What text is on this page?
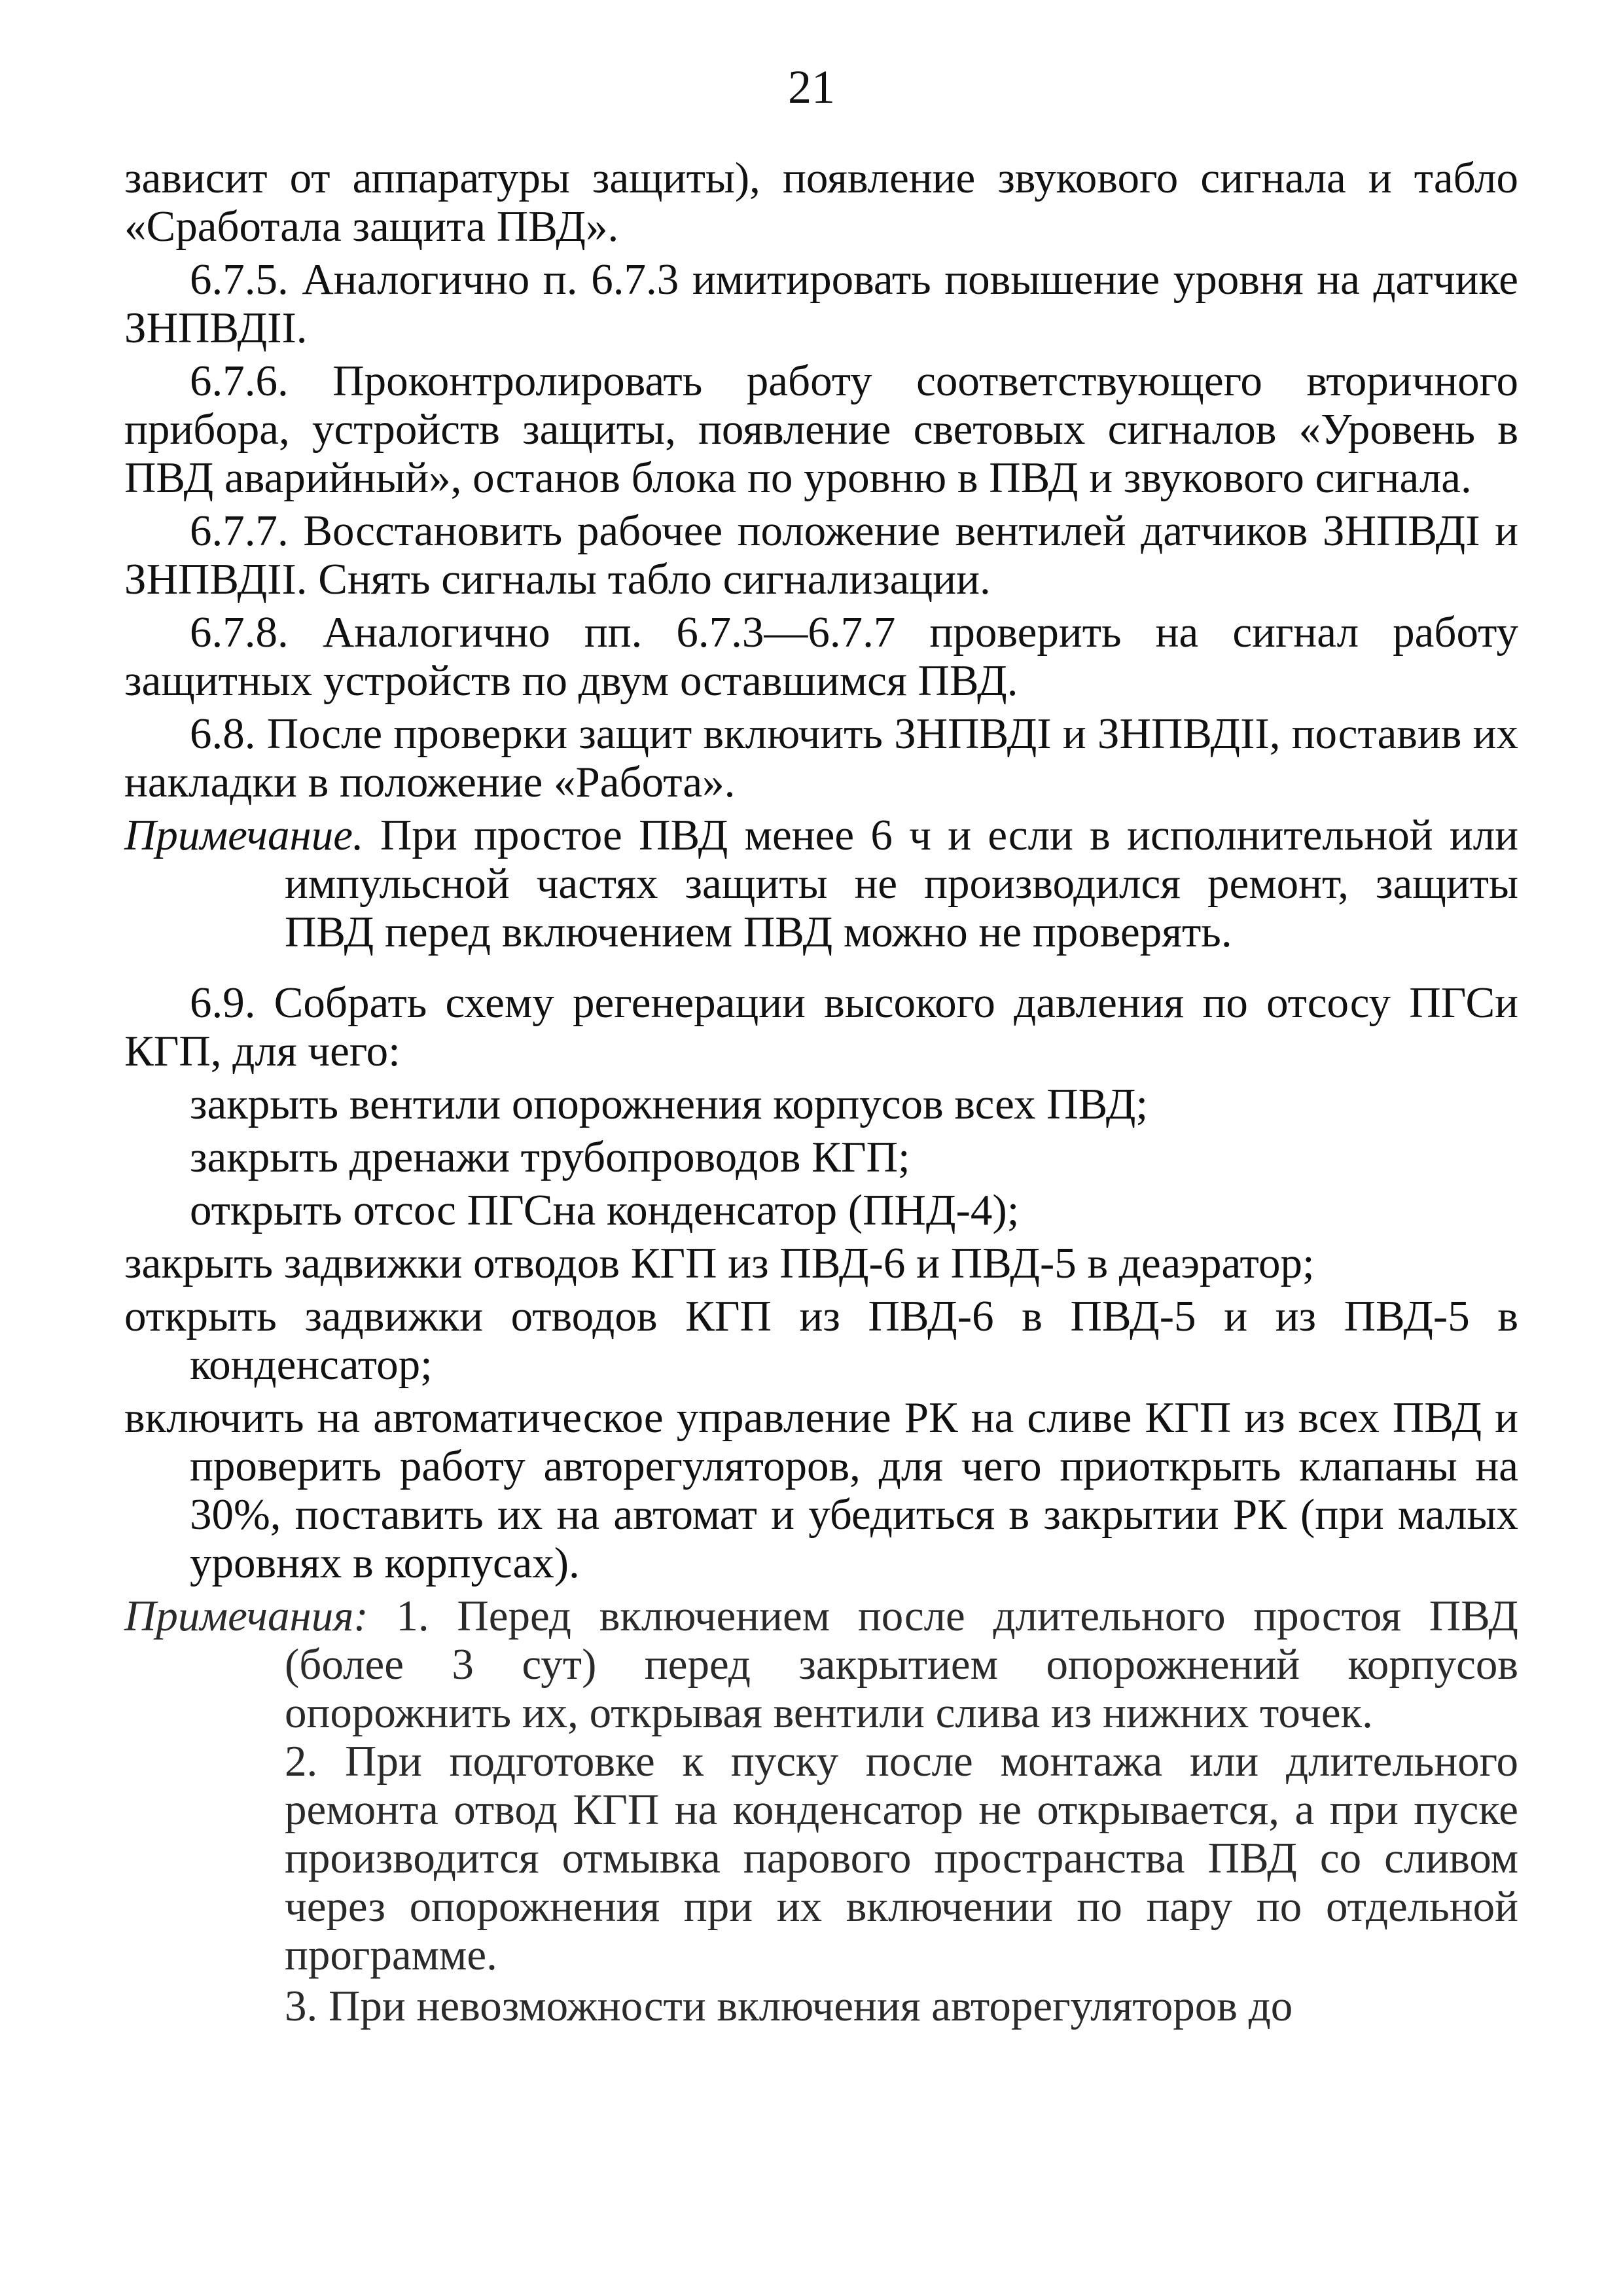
21

зависит от аппаратуры защиты), появление звукового сигнала и табло «Сработала защита ПВД».

6.7.5. Аналогично п. 6.7.3 имитировать повышение уровня на датчике ЗНПВДII.

6.7.6. Проконтролировать работу соответствующего вторичного прибора, устройств защиты, появление световых сигналов «Уровень в ПВД аварийный», останов блока по уровню в ПВД и звукового сигнала.

6.7.7. Восстановить рабочее положение вентилей датчиков ЗНПВДI и ЗНПВДII. Снять сигналы табло сигнализации.

6.7.8. Аналогично пп. 6.7.3—6.7.7 проверить на сигнал работу защитных устройств по двум оставшимся ПВД.

6.8. После проверки защит включить ЗНПВДI и ЗНПВДII, поставив их накладки в положение «Работа».

Примечание. При простое ПВД менее 6 ч и если в исполнительной или импульсной частях защиты не производился ремонт, защиты ПВД перед включением ПВД можно не проверять.

6.9. Собрать схему регенерации высокого давления по отсосу ПГСи КГП, для чего:

закрыть вентили опорожнения корпусов всех ПВД;

закрыть дренажи трубопроводов КГП;

открыть отсос ПГСна конденсатор (ПНД-4);

закрыть задвижки отводов КГП из ПВД-6 и ПВД-5 в деаэратор;

открыть задвижки отводов КГП из ПВД-6 в ПВД-5 и из ПВД-5 в конденсатор;

включить на автоматическое управление РК на сливе КГП из всех ПВД и проверить работу авторегуляторов, для чего приоткрыть клапаны на 30%, поставить их на автомат и убедиться в закрытии РК (при малых уровнях в корпусах).

Примечания: 1. Перед включением после длительного простоя ПВД (более 3 сут) перед закрытием опорожнений корпусов опорожнить их, открывая вентили слива из нижних точек.

2. При подготовке к пуску после монтажа или длительного ремонта отвод КГП на конденсатор не открывается, а при пуске производится отмывка парового пространства ПВД со сливом через опорожнения при их включении по пару по отдельной программе.

3. При невозможности включения авторегуляторов до
